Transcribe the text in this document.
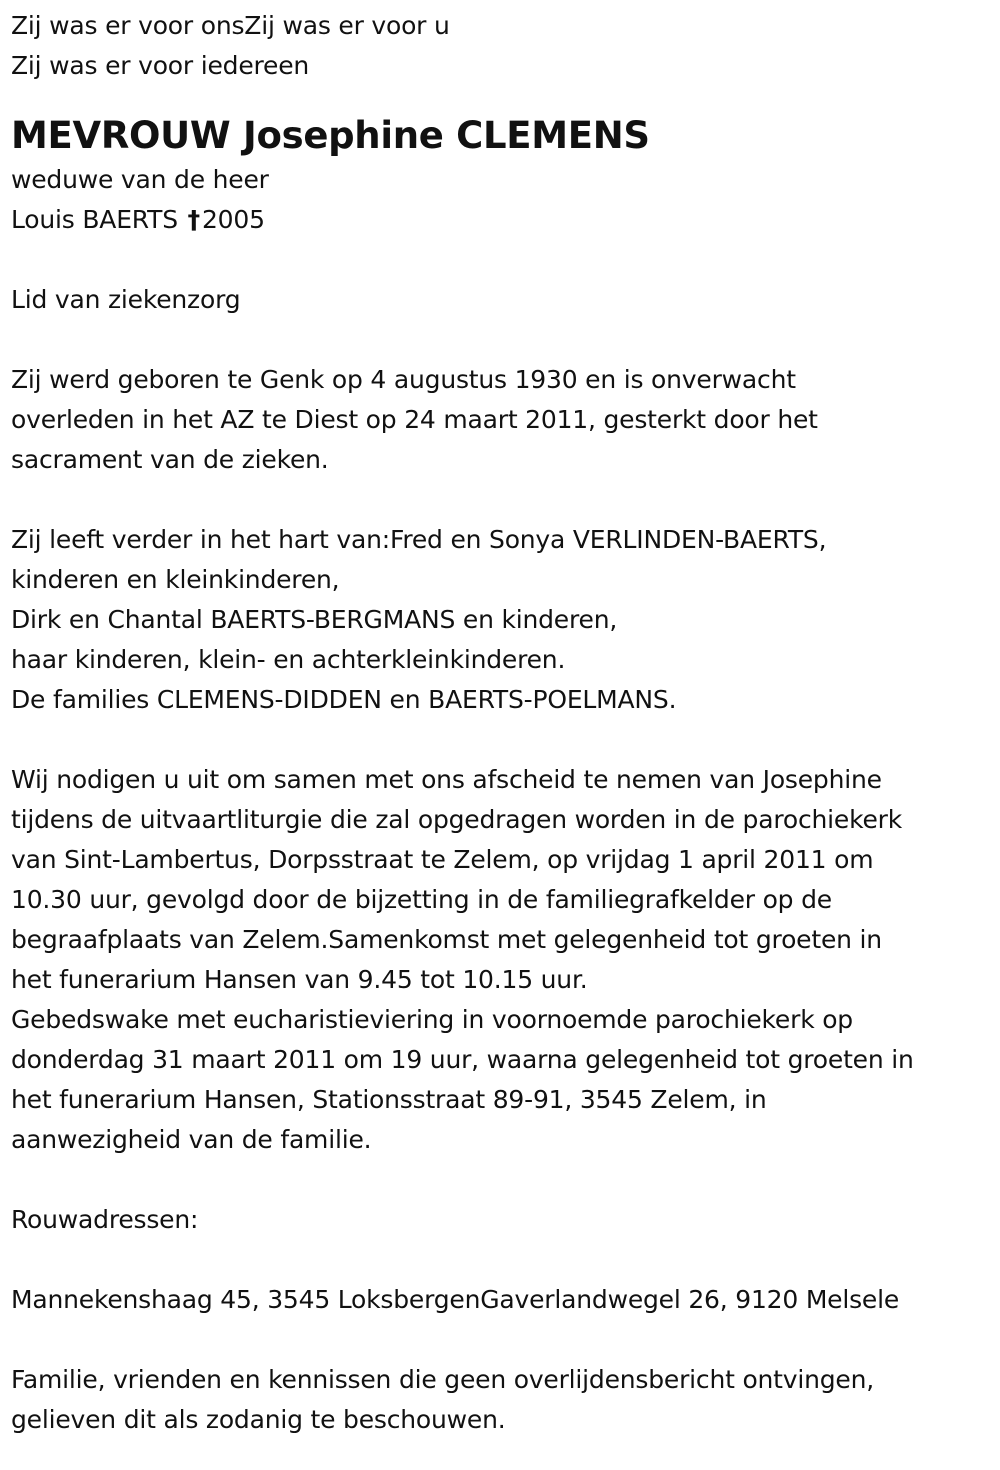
Zij was er voor onsZij was er voor u
Zij was er voor iedereen
MEVROUW Josephine CLEMENS
weduwe van de heer
Louis BAERTS †2005
Lid van ziekenzorg
Zij werd geboren te Genk op 4 augustus 1930 en is onverwacht
overleden in het AZ te Diest op 24 maart 2011, gesterkt door het
sacrament van de zieken.
Zij leeft verder in het hart van:Fred en Sonya VERLINDEN-BAERTS,
kinderen en kleinkinderen,
Dirk en Chantal BAERTS-BERGMANS en kinderen,
haar kinderen, klein- en achterkleinkinderen.
De families CLEMENS-DIDDEN en BAERTS-POELMANS.
Wij nodigen u uit om samen met ons afscheid te nemen van Josephine
tijdens de uitvaartliturgie die zal opgedragen worden in de parochiekerk
van Sint-Lambertus, Dorpsstraat te Zelem, op vrijdag 1 april 2011 om
10.30 uur, gevolgd door de bijzetting in de familiegrafkelder op de
begraafplaats van Zelem.Samenkomst met gelegenheid tot groeten in
het funerarium Hansen van 9.45 tot 10.15 uur.
Gebedswake met eucharistieviering in voornoemde parochiekerk op
donderdag 31 maart 2011 om 19 uur, waarna gelegenheid tot groeten in
het funerarium Hansen, Stationsstraat 89-91, 3545 Zelem, in
aanwezigheid van de familie.
Rouwadressen:
Mannekenshaag 45, 3545 LoksbergenGaverlandwegel 26, 9120 Melsele
Familie, vrienden en kennissen die geen overlijdensbericht ontvingen,
gelieven dit als zodanig te beschouwen.
